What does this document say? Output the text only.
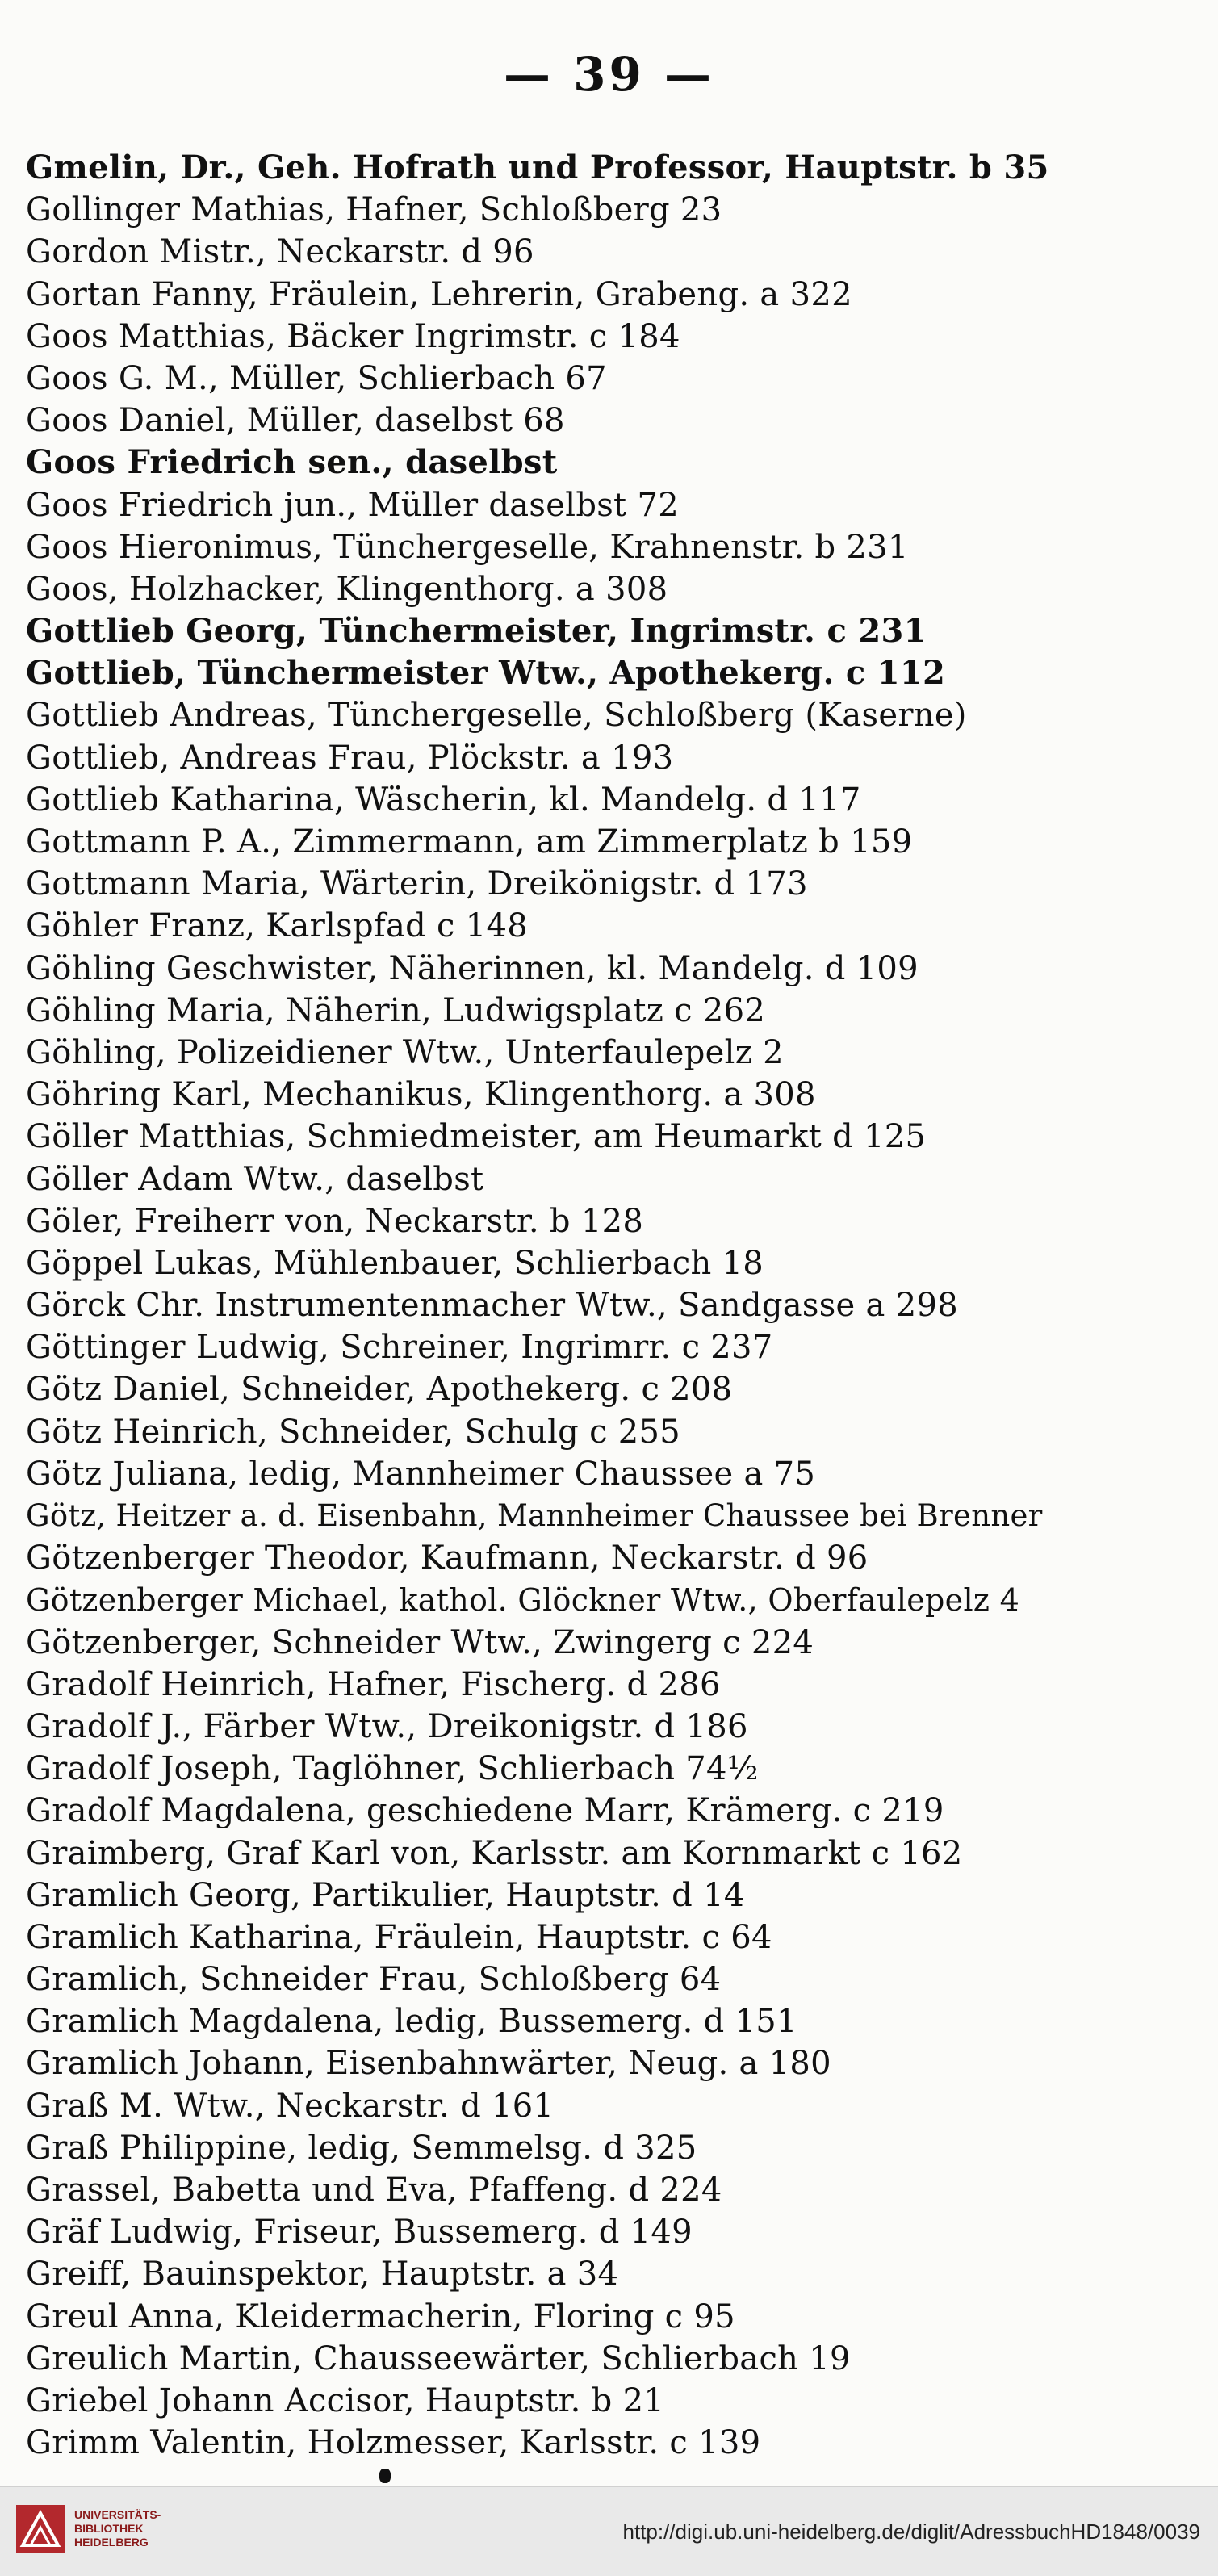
— 39 —
Gmelin, Dr., Geh. Hofrath und Professor, Hauptstr. b 35
Gollinger Mathias, Hafner, Schloßberg 23
Gordon Mistr., Neckarstr. d 96
Gortan Fanny, Fräulein, Lehrerin, Grabeng. a 322
Goos Matthias, Bäcker Ingrimstr. c 184
Goos G. M., Müller, Schlierbach 67
Goos Daniel, Müller, daselbst 68
Goos Friedrich sen., daselbst
Goos Friedrich jun., Müller daselbst 72
Goos Hieronimus, Tünchergeselle, Krahnenstr. b 231
Goos, Holzhacker, Klingenthorg. a 308
Gottlieb Georg, Tünchermeister, Ingrimstr. c 231
Gottlieb, Tünchermeister Wtw., Apothekerg. c 112
Gottlieb Andreas, Tünchergeselle, Schloßberg (Kaserne)
Gottlieb, Andreas Frau, Plöckstr. a 193
Gottlieb Katharina, Wäscherin, kl. Mandelg. d 117
Gottmann P. A., Zimmermann, am Zimmerplatz b 159
Gottmann Maria, Wärterin, Dreikönigstr. d 173
Göhler Franz, Karlspfad c 148
Göhling Geschwister, Näherinnen, kl. Mandelg. d 109
Göhling Maria, Näherin, Ludwigsplatz c 262
Göhling, Polizeidiener Wtw., Unterfaulepelz 2
Göhring Karl, Mechanikus, Klingenthorg. a 308
Göller Matthias, Schmiedmeister, am Heumarkt d 125
Göller Adam Wtw., daselbst
Göler, Freiherr von, Neckarstr. b 128
Göppel Lukas, Mühlenbauer, Schlierbach 18
Görck Chr. Instrumentenmacher Wtw., Sandgasse a 298
Göttinger Ludwig, Schreiner, Ingrimrr. c 237
Götz Daniel, Schneider, Apothekerg. c 208
Götz Heinrich, Schneider, Schulg c 255
Götz Juliana, ledig, Mannheimer Chaussee a 75
Götz, Heitzer a. d. Eisenbahn, Mannheimer Chaussee bei Brenner
Götzenberger Theodor, Kaufmann, Neckarstr. d 96
Götzenberger Michael, kathol. Glöckner Wtw., Oberfaulepelz 4
Götzenberger, Schneider Wtw., Zwingerg c 224
Gradolf Heinrich, Hafner, Fischerg. d 286
Gradolf J., Färber Wtw., Dreikonigstr. d 186
Gradolf Joseph, Taglöhner, Schlierbach 74½
Gradolf Magdalena, geschiedene Marr, Krämerg. c 219
Graimberg, Graf Karl von, Karlsstr. am Kornmarkt c 162
Gramlich Georg, Partikulier, Hauptstr. d 14
Gramlich Katharina, Fräulein, Hauptstr. c 64
Gramlich, Schneider Frau, Schloßberg 64
Gramlich Magdalena, ledig, Bussemerg. d 151
Gramlich Johann, Eisenbahnwärter, Neug. a 180
Graß M. Wtw., Neckarstr. d 161
Graß Philippine, ledig, Semmelsg. d 325
Grassel, Babetta und Eva, Pfaffeng. d 224
Gräf Ludwig, Friseur, Bussemerg. d 149
Greiff, Bauinspektor, Hauptstr. a 34
Greul Anna, Kleidermacherin, Floring c 95
Greulich Martin, Chausseewärter, Schlierbach 19
Griebel Johann Accisor, Hauptstr. b 21
Grimm Valentin, Holzmesser, Karlsstr. c 139
UNIVERSITÄTS-
BIBLIOTHEK
HEIDELBERG	http://digi.ub.uni-heidelberg.de/diglit/AdressbuchHD1848/0039
